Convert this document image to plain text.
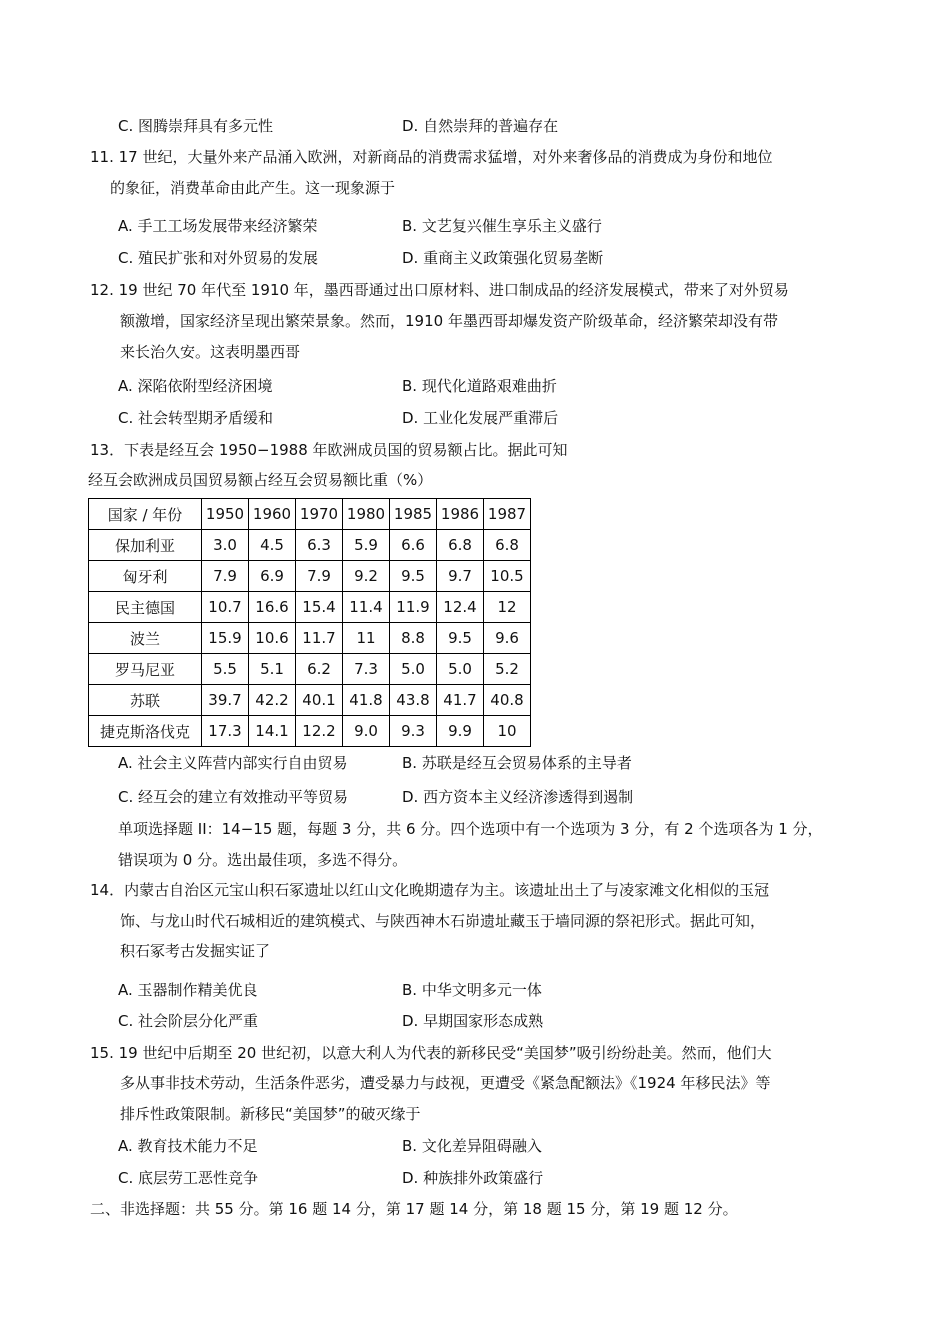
C. 图腾崇拜具有多元性	D. 自然崇拜的普遍存在
11. 17 世纪，大量外来产品涌入欧洲，对新商品的消费需求猛增，对外来奢侈品的消费成为身份和地位
的象征，消费革命由此产生。这一现象源于
A. 手工工场发展带来经济繁荣	B. 文艺复兴催生享乐主义盛行
C. 殖民扩张和对外贸易的发展	D. 重商主义政策强化贸易垄断
12. 19 世纪 70 年代至 1910 年，墨西哥通过出口原材料、进口制成品的经济发展模式，带来了对外贸易
额激增，国家经济呈现出繁荣景象。然而，1910 年墨西哥却爆发资产阶级革命，经济繁荣却没有带
来长治久安。这表明墨西哥
A. 深陷依附型经济困境	B. 现代化道路艰难曲折
C. 社会转型期矛盾缓和	D. 工业化发展严重滞后
13．下表是经互会 1950−1988 年欧洲成员国的贸易额占比。据此可知
经互会欧洲成员国贸易额占经互会贸易额比重（%）
国家 / 年份	1950	1960	1970	1980	1985	1986	1987
保加利亚	3.0	4.5	6.3	5.9	6.6	6.8	6.8
匈牙利	7.9	6.9	7.9	9.2	9.5	9.7	10.5
民主德国	10.7	16.6	15.4	11.4	11.9	12.4	12
波兰	15.9	10.6	11.7	11	8.8	9.5	9.6
罗马尼亚	5.5	5.1	6.2	7.3	5.0	5.0	5.2
苏联	39.7	42.2	40.1	41.8	43.8	41.7	40.8
捷克斯洛伐克	17.3	14.1	12.2	9.0	9.3	9.9	10
A. 社会主义阵营内部实行自由贸易	B. 苏联是经互会贸易体系的主导者
C. 经互会的建立有效推动平等贸易	D. 西方资本主义经济渗透得到遏制
单项选择题 II：14−15 题，每题 3 分，共 6 分。四个选项中有一个选项为 3 分，有 2 个选项各为 1 分，
错误项为 0 分。选出最佳项，多选不得分。
14．内蒙古自治区元宝山积石冢遗址以红山文化晚期遗存为主。该遗址出土了与凌家滩文化相似的玉冠
饰、与龙山时代石城相近的建筑模式、与陕西神木石峁遗址藏玉于墙同源的祭祀形式。据此可知，
积石冢考古发掘实证了
A. 玉器制作精美优良	B. 中华文明多元一体
C. 社会阶层分化严重	D. 早期国家形态成熟
15. 19 世纪中后期至 20 世纪初，以意大利人为代表的新移民受“美国梦”吸引纷纷赴美。然而，他们大
多从事非技术劳动，生活条件恶劣，遭受暴力与歧视，更遭受《紧急配额法》《1924 年移民法》等
排斥性政策限制。新移民“美国梦”的破灭缘于
A. 教育技术能力不足	B. 文化差异阻碍融入
C. 底层劳工恶性竞争	D. 种族排外政策盛行
二、非选择题：共 55 分。第 16 题 14 分，第 17 题 14 分，第 18 题 15 分，第 19 题 12 分。
